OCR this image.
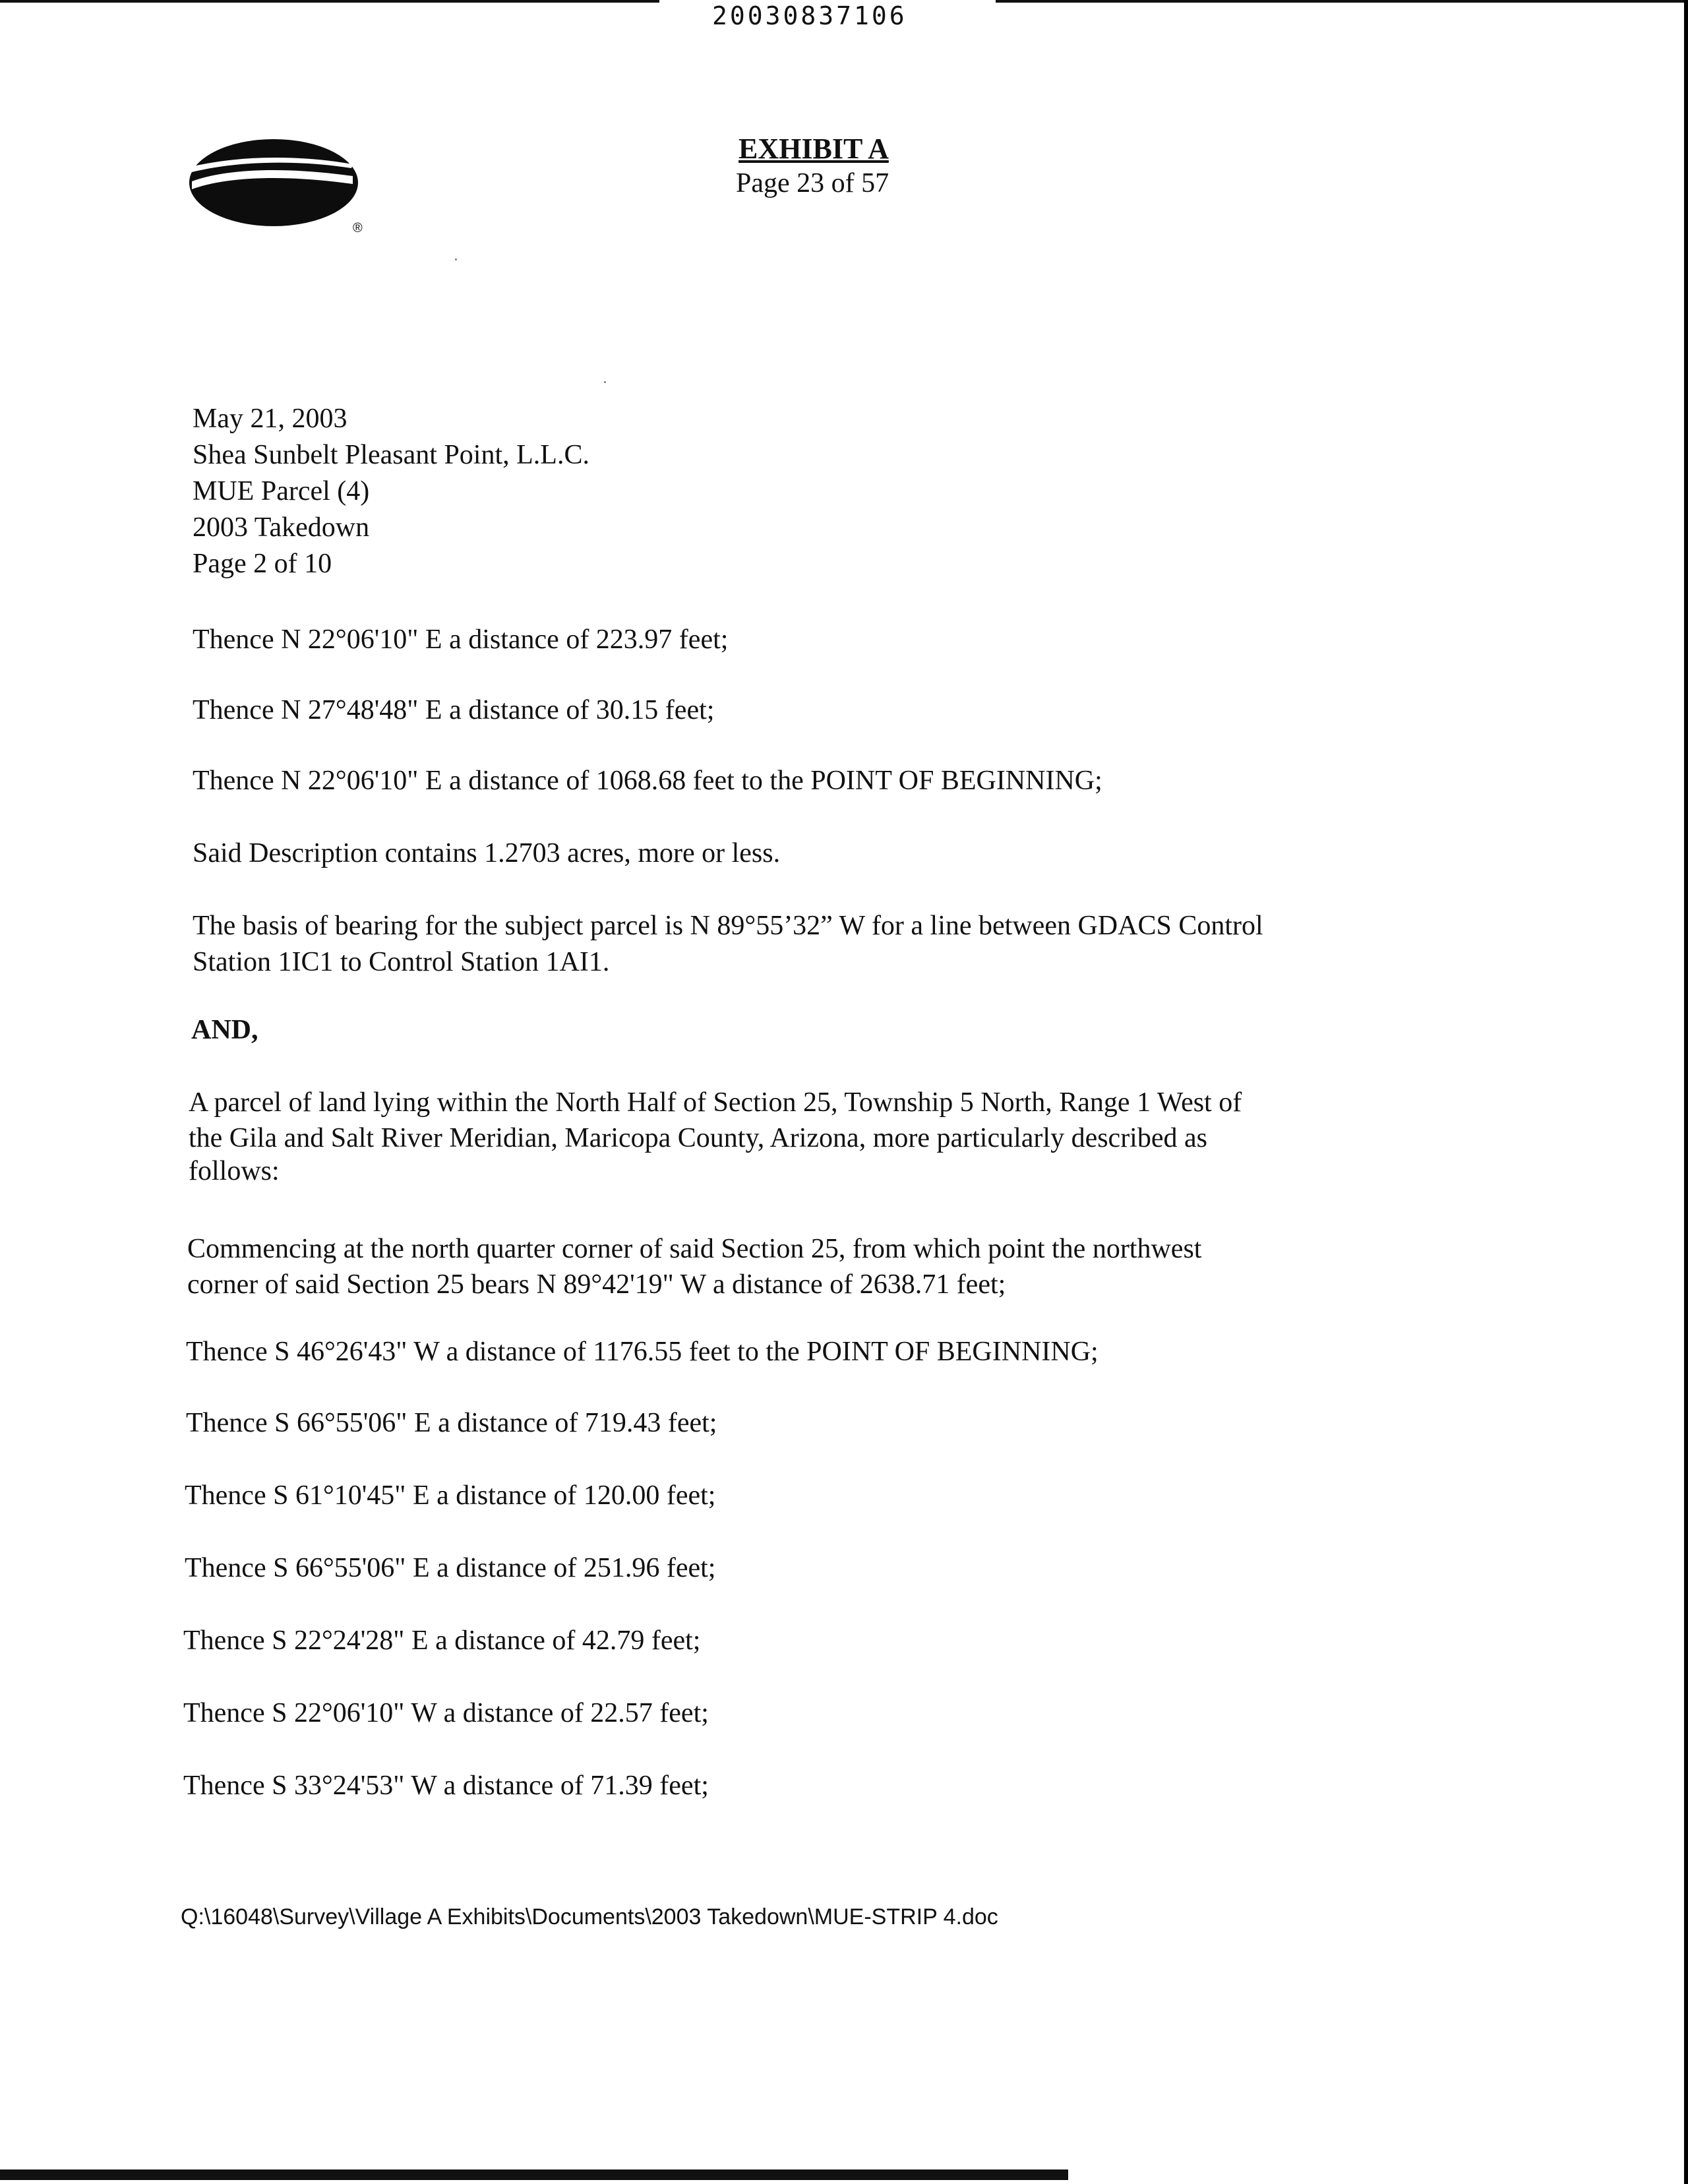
20030837106
®
EXHIBIT A
Page 23 of 57
May 21, 2003
Shea Sunbelt Pleasant Point, L.L.C.
MUE Parcel (4)
2003 Takedown
Page 2 of 10
Thence N 22°06'10" E a distance of 223.97 feet;
Thence N 27°48'48" E a distance of 30.15 feet;
Thence N 22°06'10" E a distance of 1068.68 feet to the POINT OF BEGINNING;
Said Description contains 1.2703 acres, more or less.
The basis of bearing for the subject parcel is N 89°55’32” W for a line between GDACS Control
Station 1IC1 to Control Station 1AI1.
AND,
A parcel of land lying within the North Half of Section 25, Township 5 North, Range 1 West of
the Gila and Salt River Meridian, Maricopa County, Arizona, more particularly described as
follows:
Commencing at the north quarter corner of said Section 25, from which point the northwest
corner of said Section 25 bears N 89°42'19" W a distance of 2638.71 feet;
Thence S 46°26'43" W a distance of 1176.55 feet to the POINT OF BEGINNING;
Thence S 66°55'06" E a distance of 719.43 feet;
Thence S 61°10'45" E a distance of 120.00 feet;
Thence S 66°55'06" E a distance of 251.96 feet;
Thence S 22°24'28" E a distance of 42.79 feet;
Thence S 22°06'10" W a distance of 22.57 feet;
Thence S 33°24'53" W a distance of 71.39 feet;
Q:\16048\Survey\Village A Exhibits\Documents\2003 Takedown\MUE-STRIP 4.doc
